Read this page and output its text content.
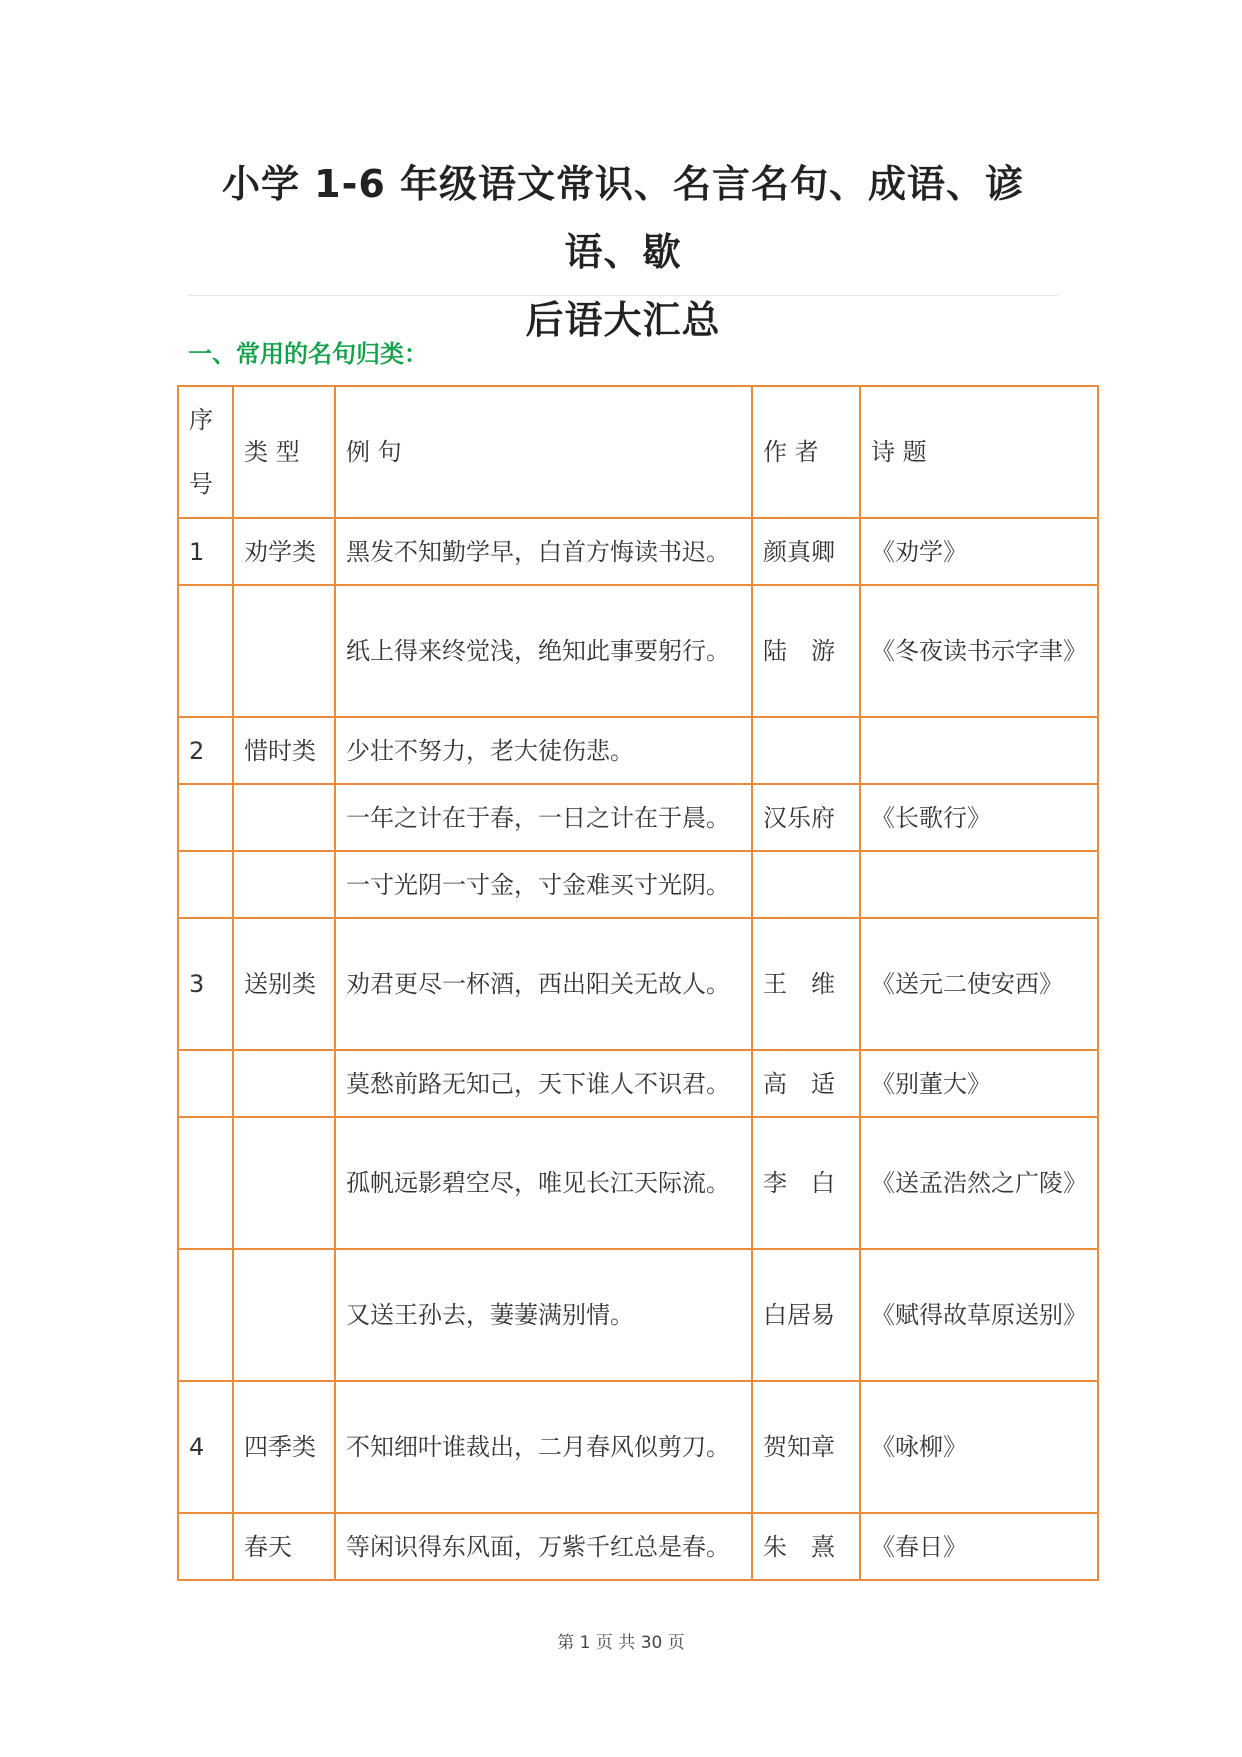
小学 1-6 年级语文常识、名言名句、成语、谚语、歇
后语大汇总
一、常用的名句归类：
序
号	类 型	例 句	作 者	诗 题
1	劝学类	黑发不知勤学早，白首方悔读书迟。	颜真卿	《劝学》
		纸上得来终觉浅，绝知此事要躬行。	陆　游	《冬夜读书示字聿》
2	惜时类	少壮不努力，老大徒伤悲。		
		一年之计在于春，一日之计在于晨。	汉乐府	《长歌行》
		一寸光阴一寸金，寸金难买寸光阴。		
3	送别类	劝君更尽一杯酒，西出阳关无故人。	王　维	《送元二使安西》
		莫愁前路无知己，天下谁人不识君。	高　适	《别董大》
		孤帆远影碧空尽，唯见长江天际流。	李　白	《送孟浩然之广陵》
		又送王孙去，萋萋满别情。	白居易	《赋得故草原送别》
4	四季类	不知细叶谁裁出，二月春风似剪刀。	贺知章	《咏柳》
	春天	等闲识得东风面，万紫千红总是春。	朱　熹	《春日》
第 1 页 共 30 页
